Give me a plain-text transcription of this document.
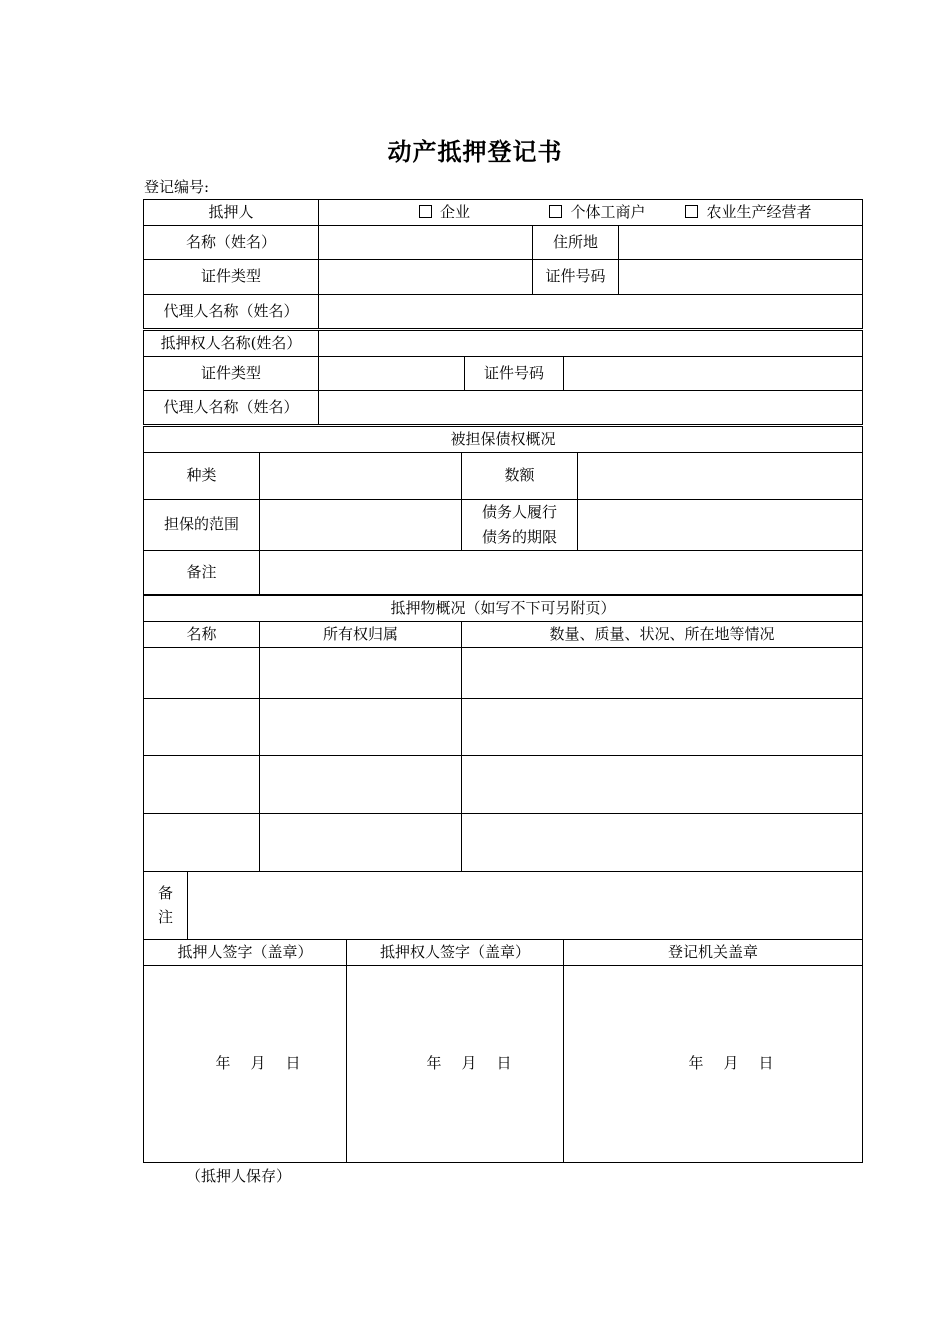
动产抵押登记书
登记编号:
抵押人	企业 个体工商户 农业生产经营者		
名称（姓名）		住所地	
证件类型		证件号码	
代理人名称（姓名）			
抵押权人名称(姓名）			
证件类型		证件号码	
代理人名称（姓名）			
被担保债权概况			
种类		数额	
担保的范围		债务人履行
债务的期限	

备注			
抵押物概况（如写不下可另附页）			
名称		所有权归属	数量、质量、状况、所在地等情况

备
注			

抵押人签字（盖章）	抵押权人签字（盖章）	登记机关盖章
年 月 日	年 月 日	年 月 日
（抵押人保存）
